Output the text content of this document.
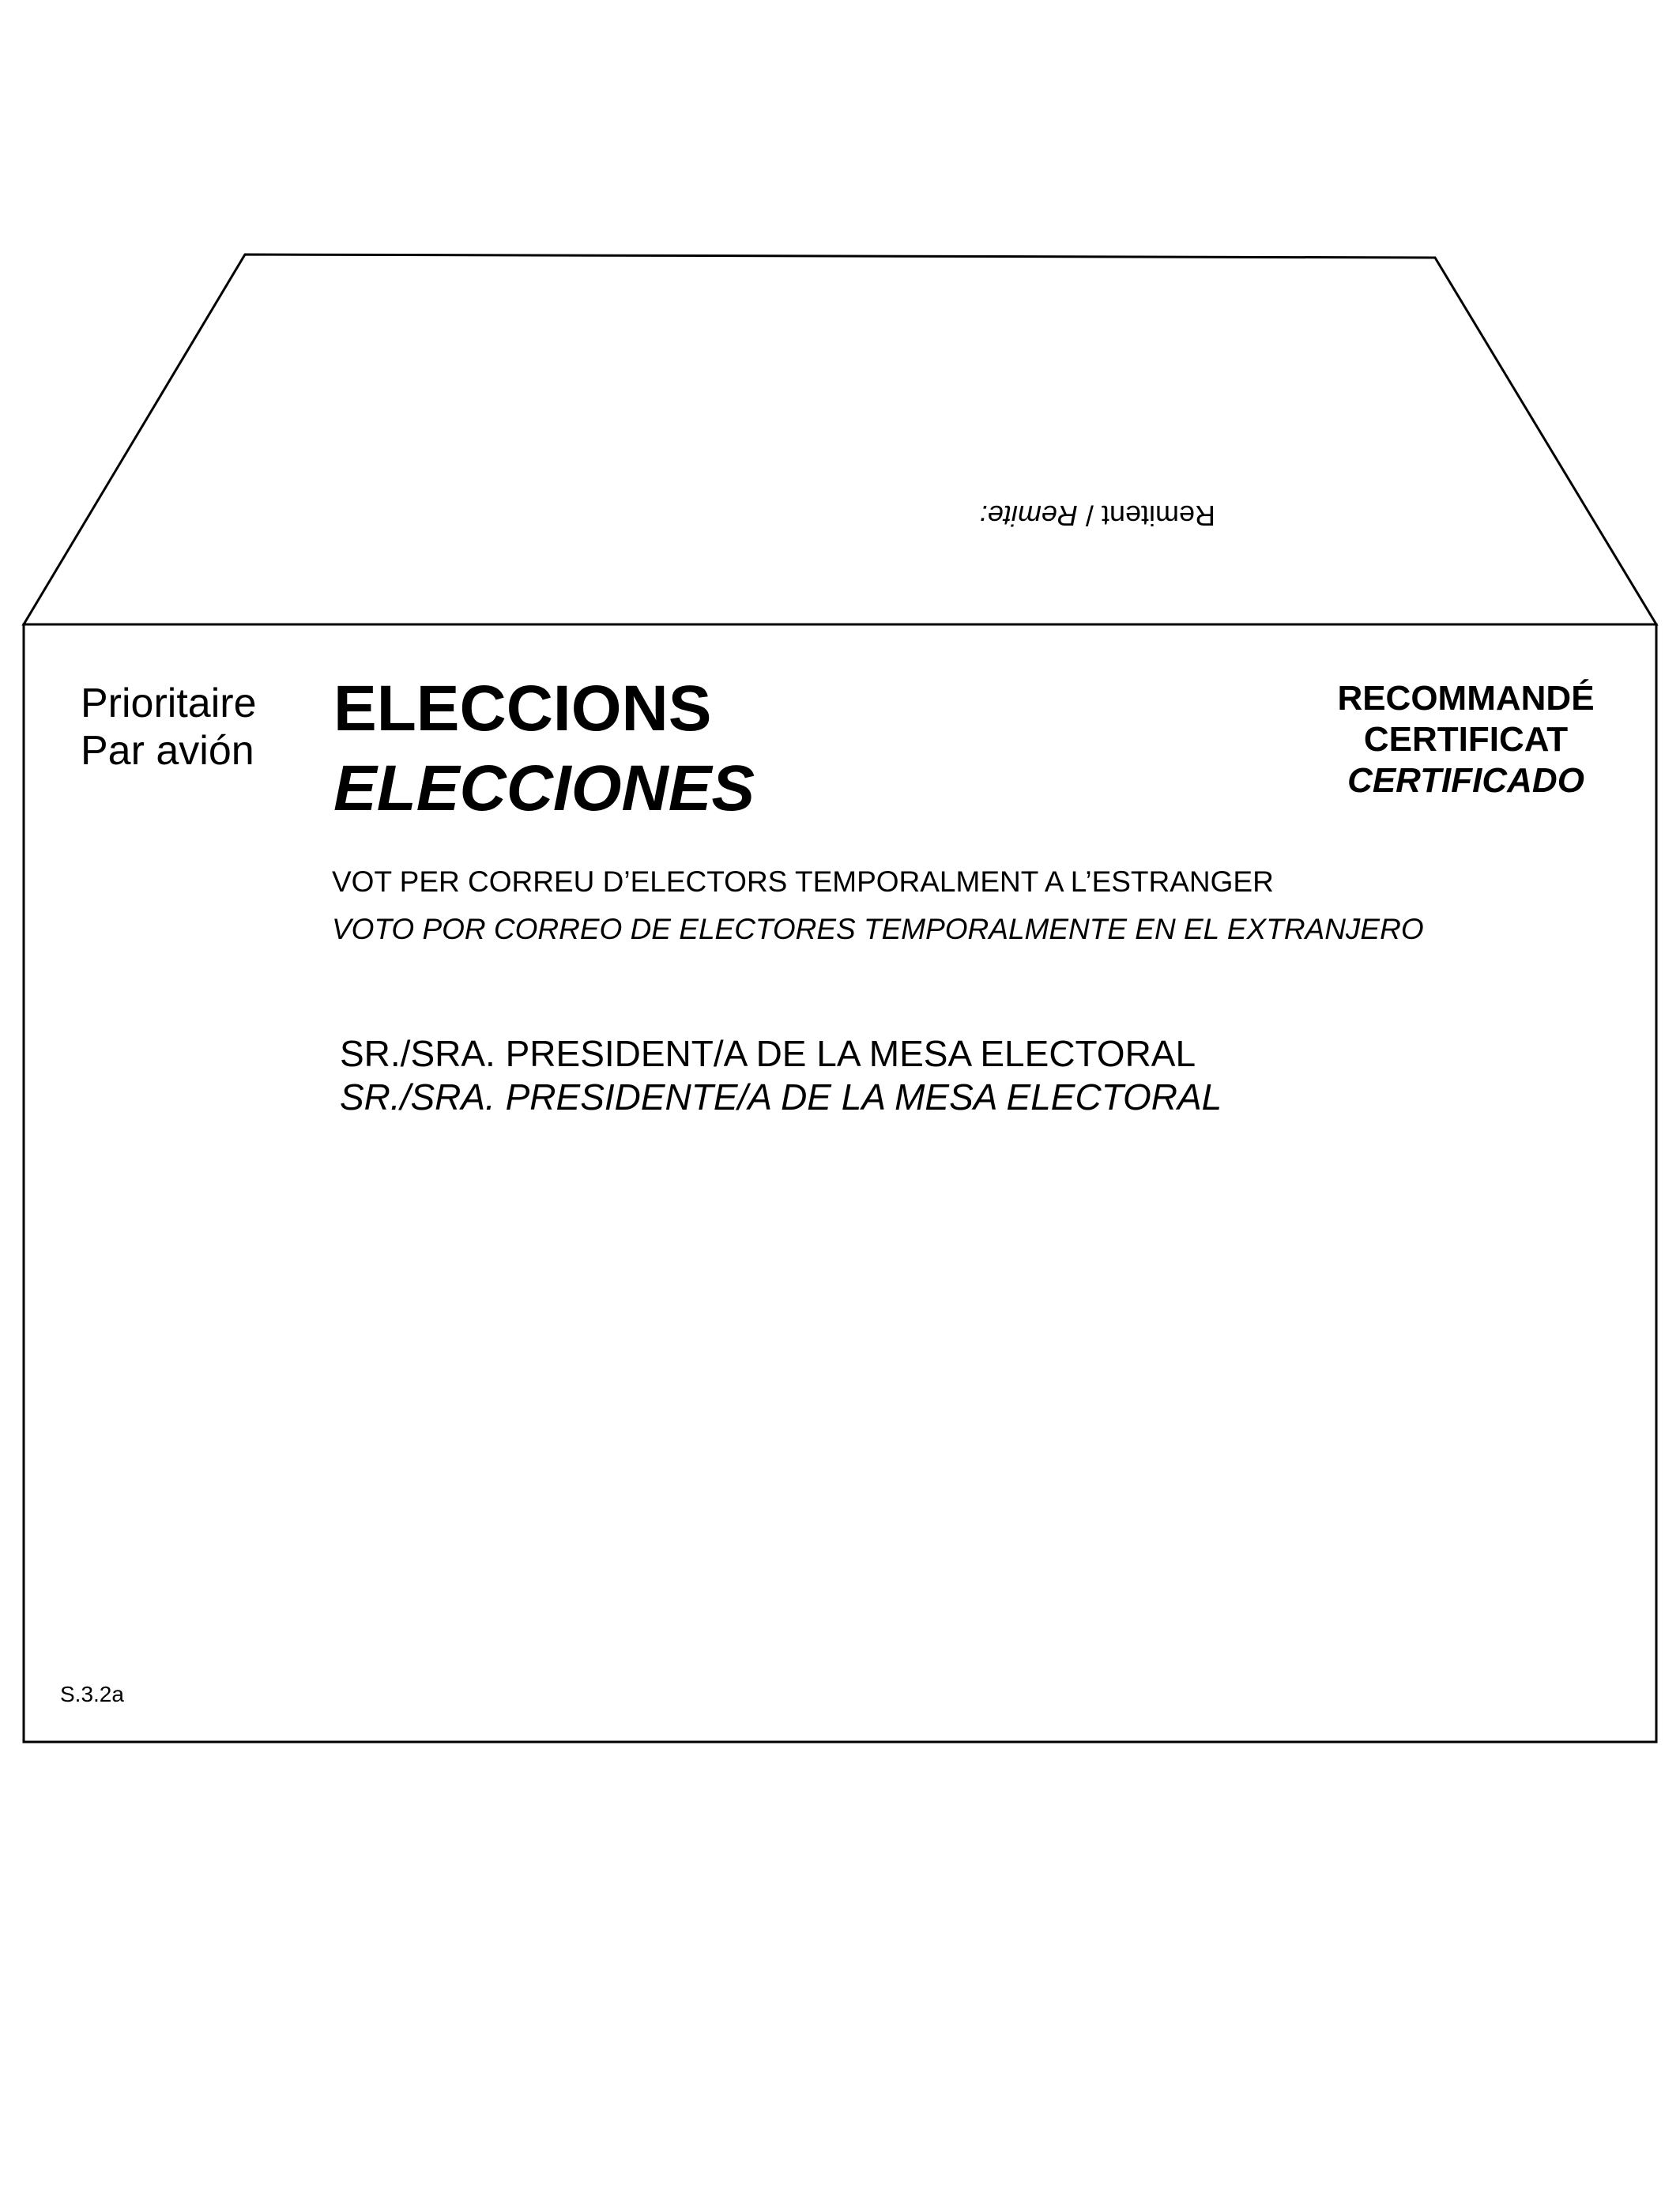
Remitent / Remite:
Prioritaire
Par avión
ELECCIONS
ELECCIONES
RECOMMANDÉ
CERTIFICAT
CERTIFICADO
VOT PER CORREU D’ELECTORS TEMPORALMENT A L’ESTRANGER
VOTO POR CORREO DE ELECTORES TEMPORALMENTE EN EL EXTRANJERO
SR./SRA. PRESIDENT/A DE LA MESA ELECTORAL
SR./SRA. PRESIDENTE/A DE LA MESA ELECTORAL
S.3.2a
